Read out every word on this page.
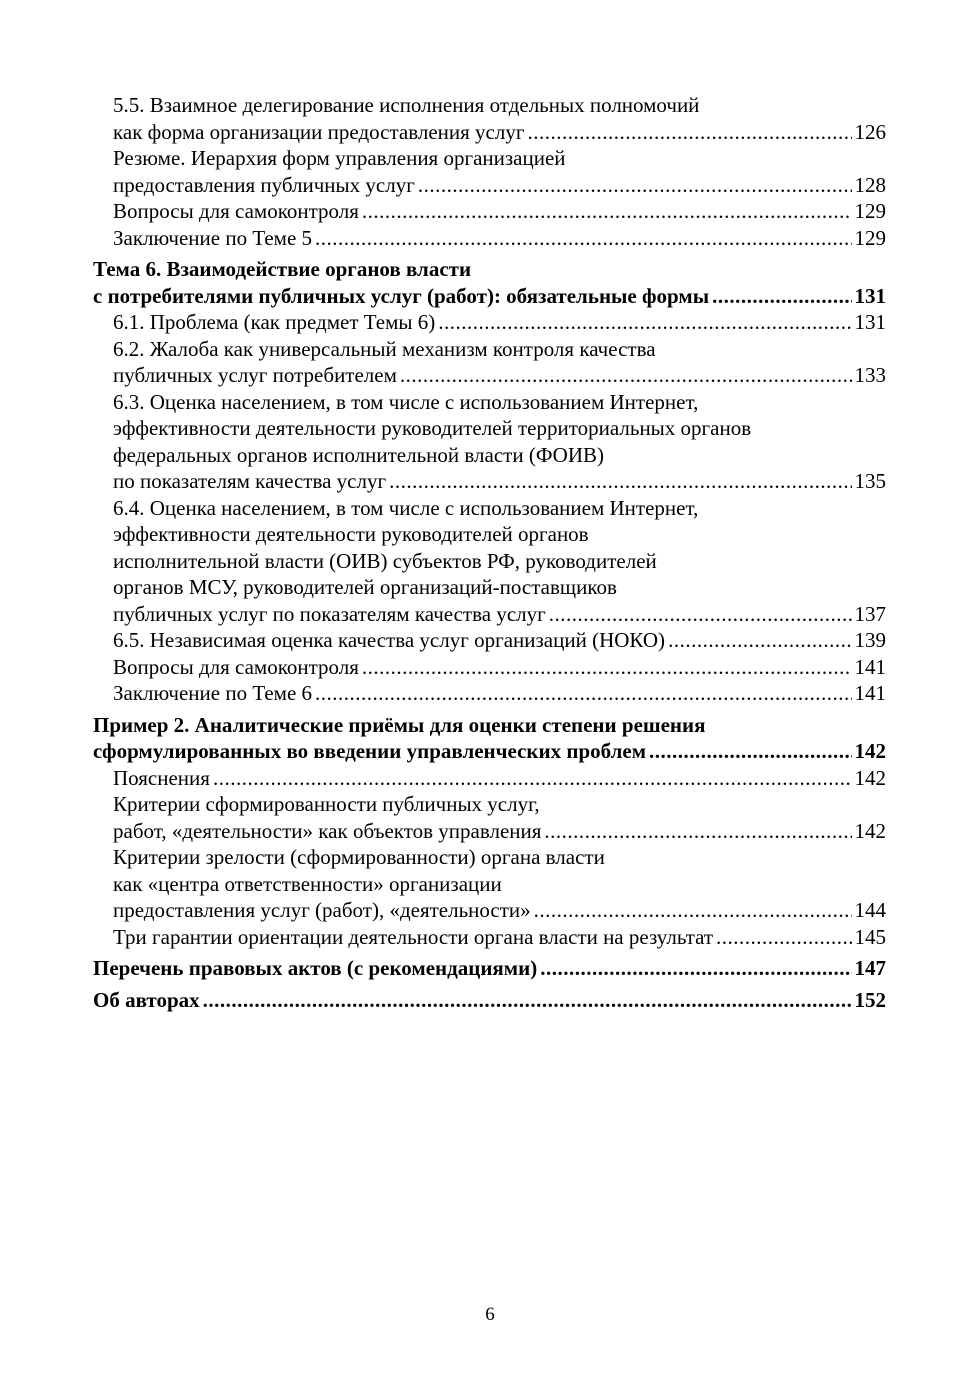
5.5. Взаимное делегирование исполнения отдельных полномочий
как форма организации предоставления услуг .....	126
Резюме. Иерархия форм управления организацией
предоставления публичных услуг .....	128
Вопросы для самоконтроля .....	129
Заключение по Теме 5 .....	129
Тема 6. Взаимодействие органов власти
с потребителями публичных услуг (работ): обязательные формы .....	131
6.1. Проблема (как предмет Темы 6) .....	131
6.2. Жалоба как универсальный механизм контроля качества
публичных услуг потребителем .....	133
6.3. Оценка населением, в том числе с использованием Интернет,
эффективности деятельности руководителей территориальных органов
федеральных органов исполнительной власти (ФОИВ)
по показателям качества услуг .....	135
6.4. Оценка населением, в том числе с использованием Интернет,
эффективности деятельности руководителей органов
исполнительной власти (ОИВ) субъектов РФ, руководителей
органов МСУ, руководителей организаций-поставщиков
публичных услуг по показателям качества услуг .....	137
6.5. Независимая оценка качества услуг организаций (НОКО) .....	139
Вопросы для самоконтроля .....	141
Заключение по Теме 6 .....	141
Пример 2. Аналитические приёмы для оценки степени решения
сформулированных во введении управленческих проблем .....	142
Пояснения .....	142
Критерии сформированности публичных услуг,
работ, «деятельности» как объектов управления .....	142
Критерии зрелости (сформированности) органа власти
как «центра ответственности» организации
предоставления услуг (работ), «деятельности» .....	144
Три гарантии ориентации деятельности органа власти на результат .....	145
Перечень правовых актов (с рекомендациями) .....	147
Об авторах .....	152
6
